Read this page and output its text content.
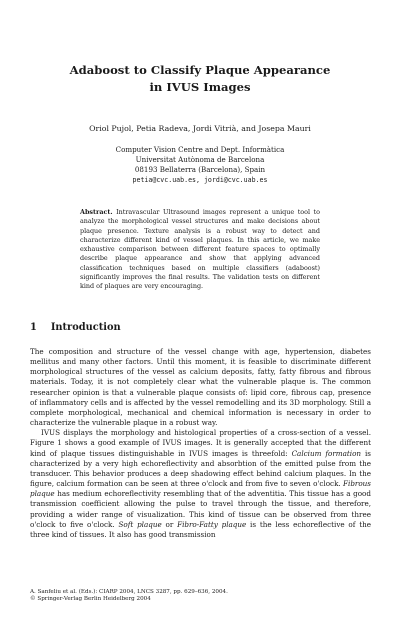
Adaboost to Classify Plaque Appearance
in IVUS Images
Oriol Pujol, Petia Radeva, Jordi Vitrià, and Josepa Mauri
Computer Vision Centre and Dept. Informàtica
Universitat Autònoma de Barcelona
08193 Bellaterra (Barcelona), Spain
petia@cvc.uab.es, jordi@cvc.uab.es
Abstract. Intravascular Ultrasound images represent a unique tool to analyze the morphological vessel structures and make decisions about plaque presence. Texture analysis is a robust way to detect and characterize different kind of vessel plaques. In this article, we make exhaustive comparison between different feature spaces to optimally describe plaque appearance and show that applying advanced classification techniques based on multiple classifiers (adaboost) significantly improves the final results. The validation tests on different kind of plaques are very encouraging.
1 Introduction

The composition and structure of the vessel change with age, hypertension, diabetes mellitus and many other factors. Until this moment, it is feasible to discriminate different morphological structures of the vessel as calcium deposits, fatty, fatty fibrous and fibrous materials. Today, it is not completely clear what the vulnerable plaque is. The common researcher opinion is that a vulnerable plaque consists of: lipid core, fibrous cap, presence of inflammatory cells and is affected by the vessel remodelling and its 3D morphology. Still a complete morphological, mechanical and chemical information is necessary in order to characterize the vulnerable plaque in a robust way.

IVUS displays the morphology and histological properties of a cross-section of a vessel. Figure 1 shows a good example of IVUS images. It is generally accepted that the different kind of plaque tissues distinguishable in IVUS images is threefold: Calcium formation is characterized by a very high echoreflectivity and absorbtion of the emitted pulse from the transducer. This behavior produces a deep shadowing effect behind calcium plaques. In the figure, calcium formation can be seen at three o'clock and from five to seven o'clock. Fibrous plaque has medium echoreflectivity resembling that of the adventitia. This tissue has a good transmission coefficient allowing the pulse to travel through the tissue, and therefore, providing a wider range of visualization. This kind of tissue can be observed from three o'clock to five o'clock. Soft plaque or Fibro-Fatty plaque is the less echoreflective of the three kind of tissues. It also has good transmission

A. Sanfeliu et al. (Eds.): CIARP 2004, LNCS 3287, pp. 629–636, 2004.
© Springer-Verlag Berlin Heidelberg 2004
